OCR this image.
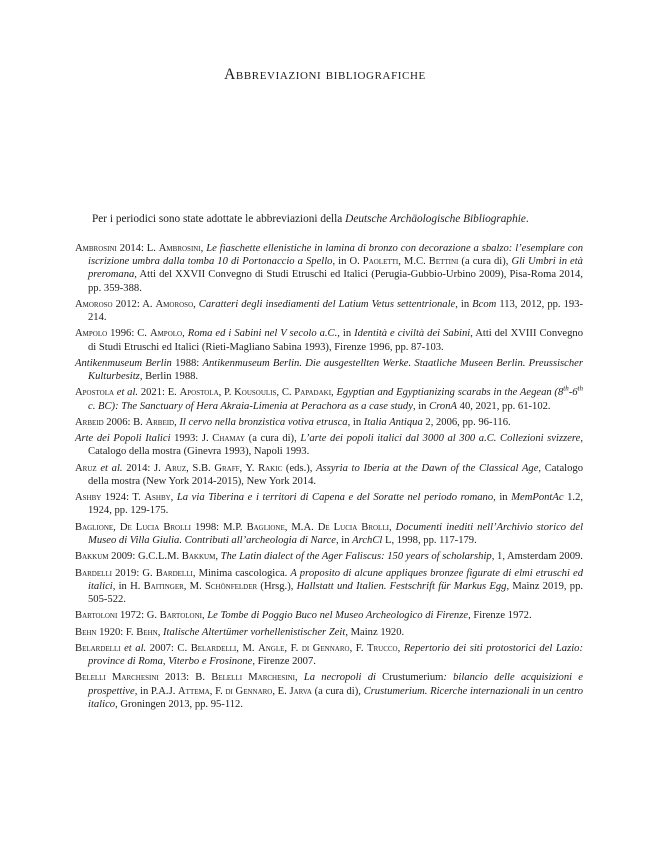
Abbreviazioni bibliografiche

Per i periodici sono state adottate le abbreviazioni della Deutsche Archäologische Bibliographie.

Ambrosini 2014: L. Ambrosini, Le fiaschette ellenistiche in lamina di bronzo con decorazione a sbalzo: l’esemplare con iscrizione umbra dalla tomba 10 di Portonaccio a Spello, in O. Paoletti, M.C. Bettini (a cura di), Gli Umbri in età preromana, Atti del XXVII Convegno di Studi Etruschi ed Italici (Perugia-Gubbio-Urbino 2009), Pisa-Roma 2014, pp. 359-388.
Amoroso 2012: A. Amoroso, Caratteri degli insediamenti del Latium Vetus settentrionale, in Bcom 113, 2012, pp. 193-214.
Ampolo 1996: C. Ampolo, Roma ed i Sabini nel V secolo a.C., in Identità e civiltà dei Sabini, Atti del XVIII Convegno di Studi Etruschi ed Italici (Rieti-Magliano Sabina 1993), Firenze 1996, pp. 87-103.
Antikenmuseum Berlin 1988: Antikenmuseum Berlin. Die ausgestellten Werke. Staatliche Museen Berlin. Preussischer Kulturbesitz, Berlin 1988.
Apostola et al. 2021: E. Apostola, P. Kousoulis, C. Papadaki, Egyptian and Egyptianizing scarabs in the Aegean (8th-6th c. BC): The Sanctuary of Hera Akraia-Limenia at Perachora as a case study, in CronA 40, 2021, pp. 61-102.
Arbeid 2006: B. Arbeid, Il cervo nella bronzistica votiva etrusca, in Italia Antiqua 2, 2006, pp. 96-116.
Arte dei Popoli Italici 1993: J. Chamay (a cura di), L’arte dei popoli italici dal 3000 al 300 a.C. Collezioni svizzere, Catalogo della mostra (Ginevra 1993), Napoli 1993.
Aruz et al. 2014: J. Aruz, S.B. Graff, Y. Rakic (eds.), Assyria to Iberia at the Dawn of the Classical Age, Catalogo della mostra (New York 2014-2015), New York 2014.
Ashby 1924: T. Ashby, La via Tiberina e i territori di Capena e del Soratte nel periodo romano, in MemPontAc 1.2, 1924, pp. 129-175.
Baglione, De Lucia Brolli 1998: M.P. Baglione, M.A. De Lucia Brolli, Documenti inediti nell’Archivio storico del Museo di Villa Giulia. Contributi all’archeologia di Narce, in ArchCl L, 1998, pp. 117-179.
Bakkum 2009: G.C.L.M. Bakkum, The Latin dialect of the Ager Faliscus: 150 years of scholarship, 1, Amsterdam 2009.
Bardelli 2019: G. Bardelli, Minima cascologica. A proposito di alcune appliques bronzee figurate di elmi etruschi ed italici, in H. Baitinger, M. Schönfelder (Hrsg.), Hallstatt und Italien. Festschrift für Markus Egg, Mainz 2019, pp. 505-522.
Bartoloni 1972: G. Bartoloni, Le Tombe di Poggio Buco nel Museo Archeologico di Firenze, Firenze 1972.
Behn 1920: F. Behn, Italische Altertümer vorhellenistischer Zeit, Mainz 1920.
Belardelli et al. 2007: C. Belardelli, M. Angle, F. di Gennaro, F. Trucco, Repertorio dei siti protostorici del Lazio: province di Roma, Viterbo e Frosinone, Firenze 2007.
Belelli Marchesini 2013: B. Belelli Marchesini, La necropoli di Crustumerium: bilancio delle acquisizioni e prospettive, in P.A.J. Attema, F. di Gennaro, E. Jarva (a cura di), Crustumerium. Ricerche internazionali in un centro italico, Groningen 2013, pp. 95-112.
